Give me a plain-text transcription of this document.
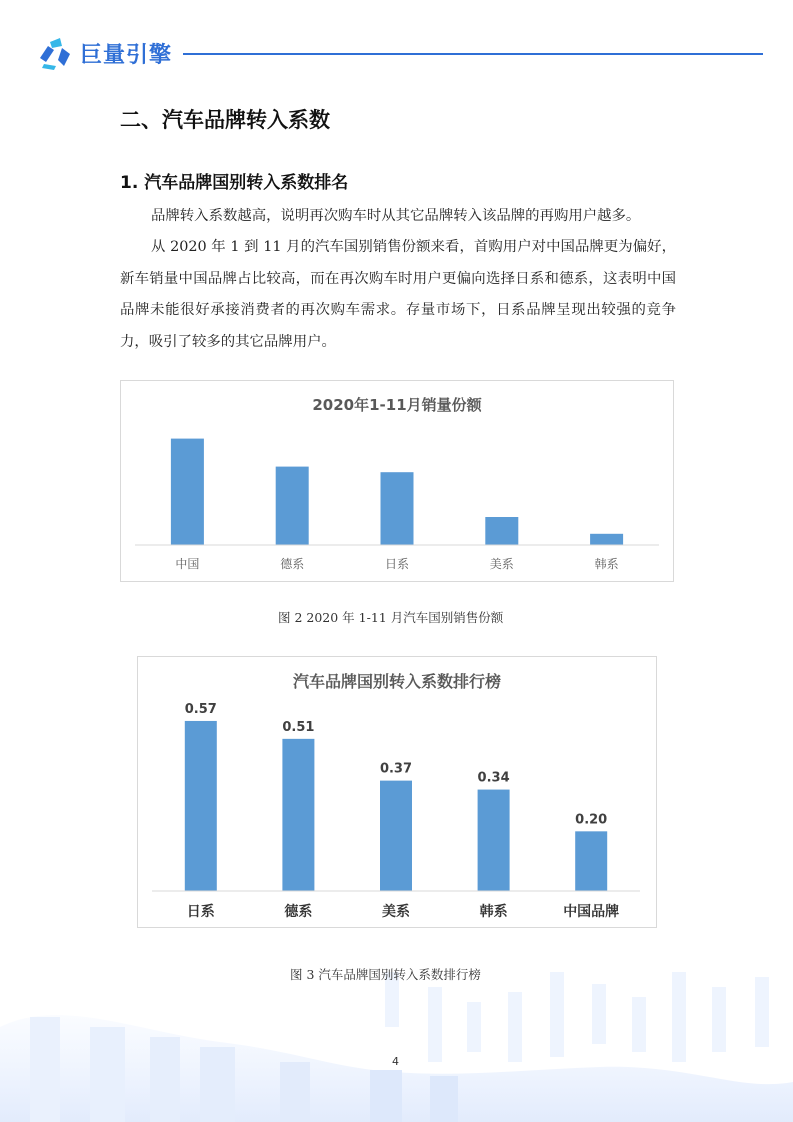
巨量引擎
二、汽车品牌转入系数
1. 汽车品牌国别转入系数排名

品牌转入系数越高，说明再次购车时从其它品牌转入该品牌的再购用户越多。

从 2020 年 1 到 11 月的汽车国别销售份额来看，首购用户对中国品牌更为偏好，新车销量中国品牌占比较高，而在再次购车时用户更偏向选择日系和德系，这表明中国品牌未能很好承接消费者的再次购车需求。存量市场下，日系品牌呈现出较强的竞争力，吸引了较多的其它品牌用户。

2020年1-11月销量份额
中国	德系	日系	美系	韩系
图 2 2020 年 1-11 月汽车国别销售份额
汽车品牌国别转入系数排行榜
0.57
日系
0.51
德系
0.37
美系
0.34
韩系
0.20
中国品牌
图 3 汽车品牌国别转入系数排行榜
4
